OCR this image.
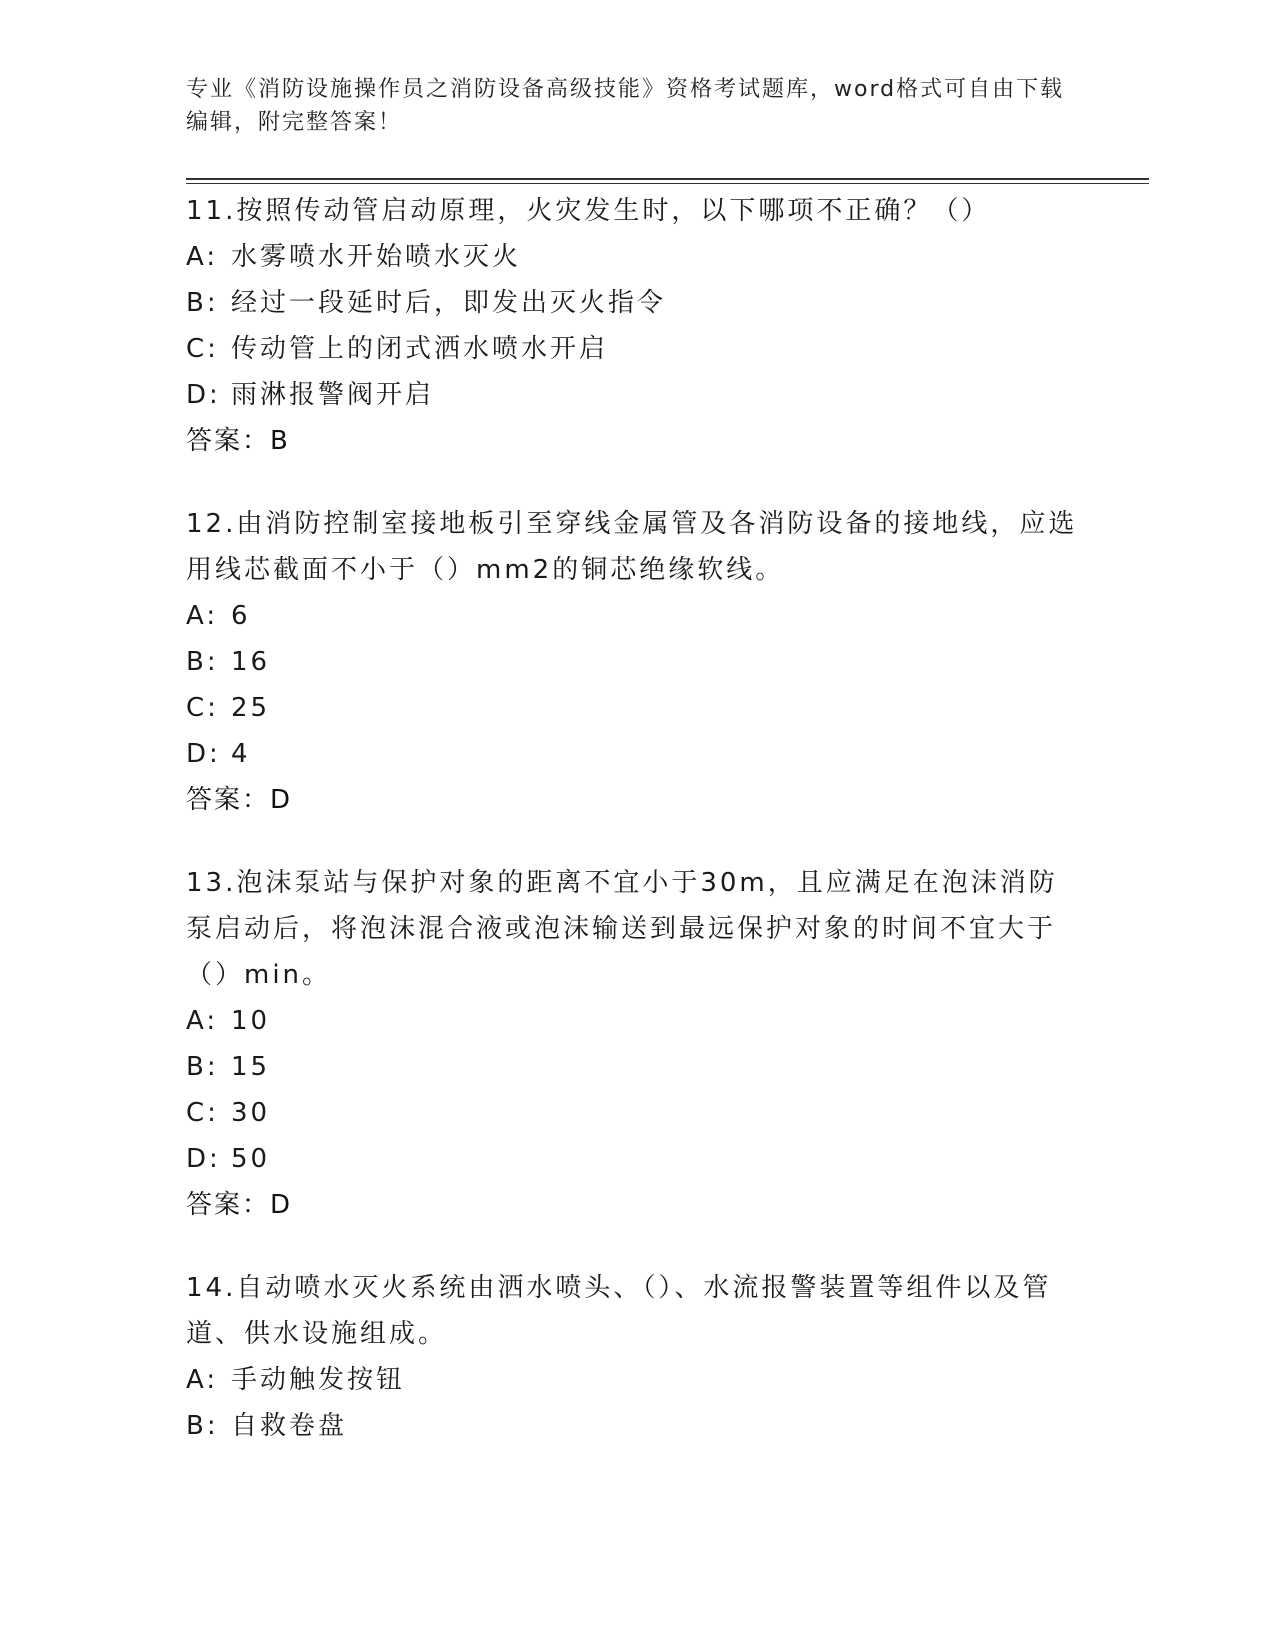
专业《消防设施操作员之消防设备高级技能》资格考试题库，word格式可自由下载编辑，附完整答案！

11.按照传动管启动原理，火灾发生时，以下哪项不正确？（）

A: 水雾喷水开始喷水灭火

B: 经过一段延时后，即发出灭火指令

C: 传动管上的闭式洒水喷水开启

D: 雨淋报警阀开启

答案：B

12.由消防控制室接地板引至穿线金属管及各消防设备的接地线，应选用线芯截面不小于（）mm2的铜芯绝缘软线。

A: 6

B: 16

C: 25

D: 4

答案：D

13.泡沫泵站与保护对象的距离不宜小于30m，且应满足在泡沫消防泵启动后，将泡沫混合液或泡沫输送到最远保护对象的时间不宜大于（）min。

A: 10

B: 15

C: 30

D: 50

答案：D

14.自动喷水灭火系统由洒水喷头、（）、水流报警装置等组件以及管道、供水设施组成。

A: 手动触发按钮

B: 自救卷盘
